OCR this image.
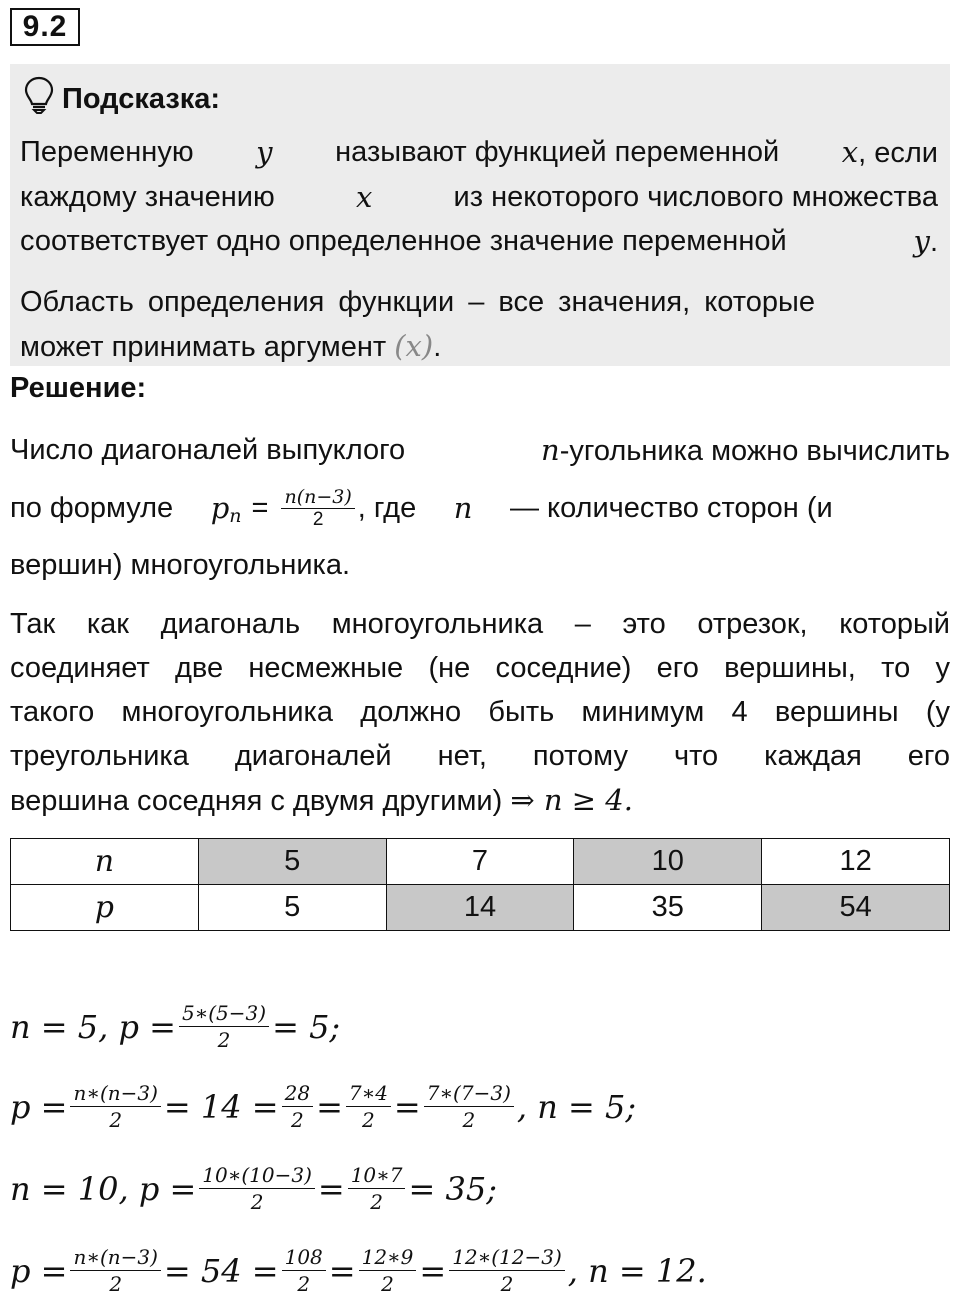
9.2
Подсказка:
Переменную y называют функцией переменной x, если
каждому значению	x	из некоторого числового множества
соответствует одно определенное значение переменной	y.
Область определения функции – все значения, которые
может принимать аргумент (x).
Решение:
Число диагоналей выпуклого	n-угольника можно вычислить
по формуле p $n = \frac{n(n-3)}{2}$ , где n — количество сторон (и
вершин) многоугольника.
Так как диагональ многоугольника – это отрезок, который
соединяет две несмежные (не соседние) его вершины, то у
такого многоугольника должно быть минимум 4 вершины (у
треугольника диагоналей нет, потому что каждая его
вершина соседняя с двумя другими) ⇒ n ≥ 4.
n	5	7	10	12
p	5	14	35	54
n = 5, $p = \frac{5∗(5-3)}{2} = 5$;
$p = \frac{n∗(n-3)}{2} = 14 = \frac{28}{2} = \frac{7∗4}{2} = \frac{7∗(7-3)}{2}$ , n = 5;
n = 10, $p = \frac{10∗(10-3)}{2} = \frac{10∗7}{2} = 35$;
$p = \frac{n∗(n-3)}{2} = 54 = \frac{108}{2} = \frac{12∗9}{2} = \frac{12∗(12-3)}{2}$ , n = 12.
